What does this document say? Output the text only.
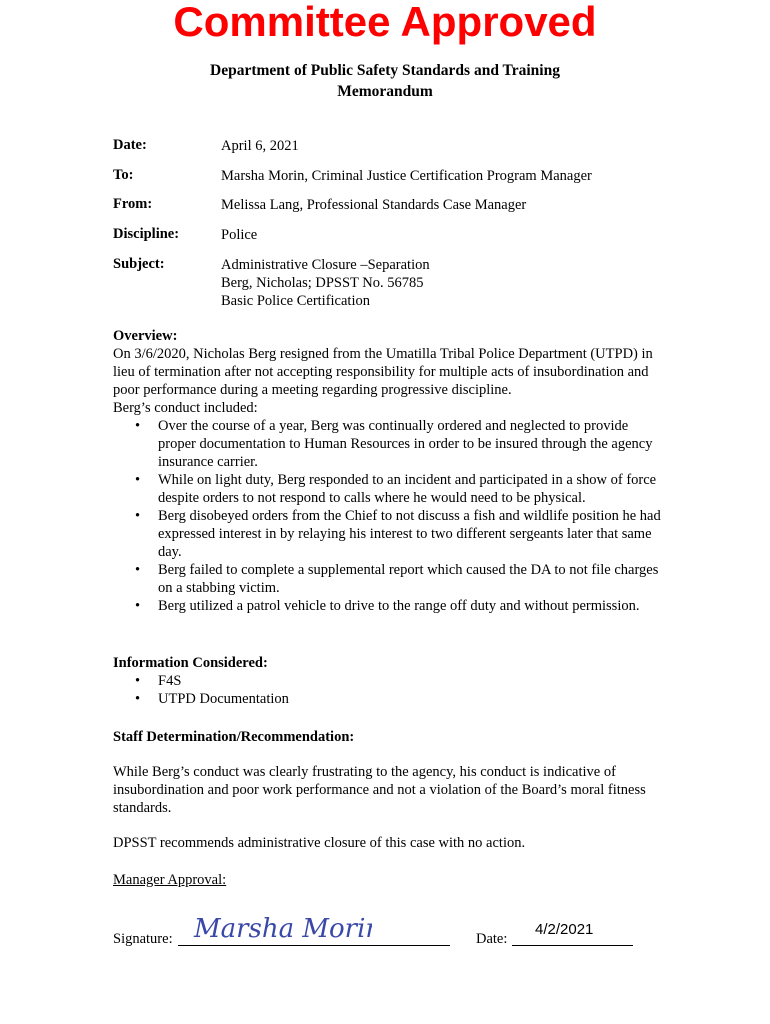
Committee Approved
Department of Public Safety Standards and Training
Memorandum
Date:	April 6, 2021
To:	Marsha Morin, Criminal Justice Certification Program Manager
From:	Melissa Lang, Professional Standards Case Manager
Discipline:	Police
Subject:	Administrative Closure –Separation
Berg, Nicholas; DPSST No. 56785
Basic Police Certification
Overview:
On 3/6/2020, Nicholas Berg resigned from the Umatilla Tribal Police Department (UTPD) in lieu of termination after not accepting responsibility for multiple acts of insubordination and poor performance during a meeting regarding progressive discipline.
Berg’s conduct included:
• Over the course of a year, Berg was continually ordered and neglected to provide proper documentation to Human Resources in order to be insured through the agency insurance carrier.
• While on light duty, Berg responded to an incident and participated in a show of force despite orders to not respond to calls where he would need to be physical.
• Berg disobeyed orders from the Chief to not discuss a fish and wildlife position he had expressed interest in by relaying his interest to two different sergeants later that same day.
• Berg failed to complete a supplemental report which caused the DA to not file charges on a stabbing victim.
• Berg utilized a patrol vehicle to drive to the range off duty and without permission.
Information Considered:
• F4S
• UTPD Documentation
Staff Determination/Recommendation:
While Berg’s conduct was clearly frustrating to the agency, his conduct is indicative of insubordination and poor work performance and not a violation of the Board’s moral fitness standards.
DPSST recommends administrative closure of this case with no action.
Manager Approval:
Signature: Marsha Morin	Date:
4/2/2021
